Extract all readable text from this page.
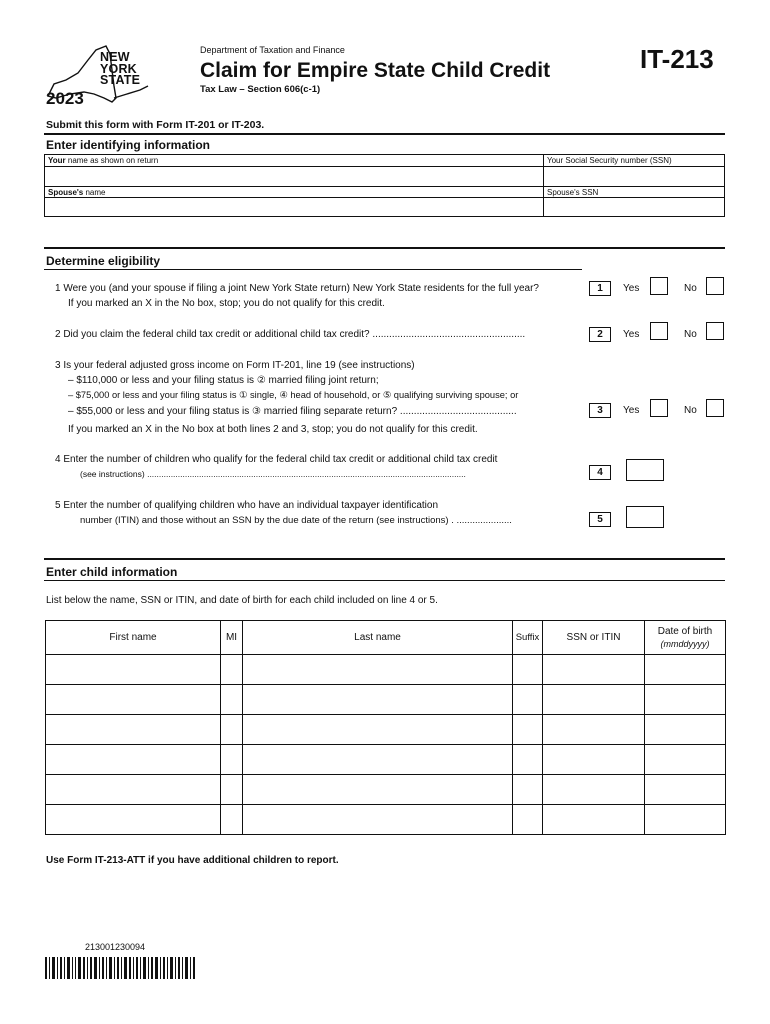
NEW
YORK
STATE
2023
Department of Taxation and Finance
Claim for Empire State Child Credit
Tax Law – Section 606(c-1)
IT-213
Submit this form with Form IT-201 or IT-203.
Enter identifying information
Your name as shown on return	Your Social Security number (SSN)
Spouse's name	Spouse's SSN
Determine eligibility
1 Were you (and your spouse if filing a joint New York State return) New York State residents for the full year?
If you marked an X in the No box, stop; you do not qualify for this credit.
1	Yes	No
2 Did you claim the federal child tax credit or additional child tax credit? .......................................................	2	Yes	No
3 Is your federal adjusted gross income on Form IT-201, line 19 (see instructions)
– $110,000 or less and your filing status is ② married filing joint return;
– $75,000 or less and your filing status is ① single, ④ head of household, or ⑤ qualifying surviving spouse; or
– $55,000 or less and your filing status is ③ married filing separate return? ..........................................
If you marked an X in the No box at both lines 2 and 3, stop; you do not qualify for this credit.
3	Yes	No
4 Enter the number of children who qualify for the federal child tax credit or additional child tax credit
(see instructions) .......................................................................................................................................	4
5 Enter the number of qualifying children who have an individual taxpayer identification
number (ITIN) and those without an SSN by the due date of the return (see instructions) . .....................	5
Enter child information
List below the name, SSN or ITIN, and date of birth for each child included on line 4 or 5.
First name	MI	Last name	Suffix	SSN or ITIN	Date of birth
(mmddyyyy)

Use Form IT-213-ATT if you have additional children to report.
213001230094
